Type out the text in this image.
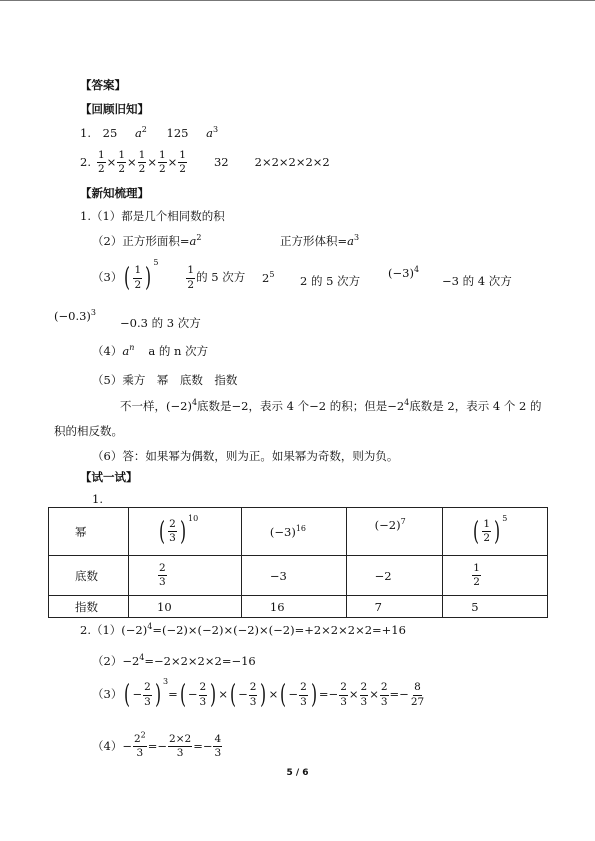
【答案】
【回顾旧知】
1. 25 $a^2$ 125 $a^3$
2. $\frac{1}{2} \times \frac{1}{2} \times \frac{1}{2} \times \frac{1}{2} \times \frac{1}{2} 32$ 2×2×2×2×2
【新知梳理】
1.（1）都是几个相同数的积
（2）正方形面积$=a^2$	正方形体积$=a^3$
（3） ( $\frac{1}{2}$ )
5
$\frac{1}{2}$ 的 5 次方 $2^5$ 2 的 5 次方
$(-3)^4$
−3 的 4 次方
$(-0.3)^3$
−0.3 的 3 次方
$(4)a^n$ a 的 n 次方
（5）乘方　幂　底数　指数
不一样，$(-2)^4$底数是−2，表示 4 个−2 的积；但是$-2^4$底数是 2，表示 4 个 2 的
积的相反数。
（6）答：如果幂为偶数，则为正。如果幂为奇数，则为负。
【试一试】
1.
幂	( $\frac{2}{3}$ ) 10	$(-3)^{16}$	$(-2)^7$	( $\frac{1}{2}$ ) 5

底数	$\frac{2}{3}$	−3	−2	$\frac{1}{2}$

指数	10	16	7	5
$2.(1)(-2)^4=(-2)\times(-2)\times(-2)\times(-2)=+2\times 2\times 2\times 2=+16$
$(2)-2^4=-2\times 2\times 2\times 2=-16$
（3） ( − $\frac{2}{3}$ ) 3
= ( − $\frac{2}{3}$ ) × ( − $\frac{2}{3}$ ) × ( − $\frac{2}{3}$ ) =− $\frac{2}{3} \times \frac{2}{3} \times \frac{2}{3} =- \frac{8}{27}$
$(4) - \frac{2^2}{3} =- \frac{2\times 2}{3} =- \frac{4}{3}$
5 / 6
